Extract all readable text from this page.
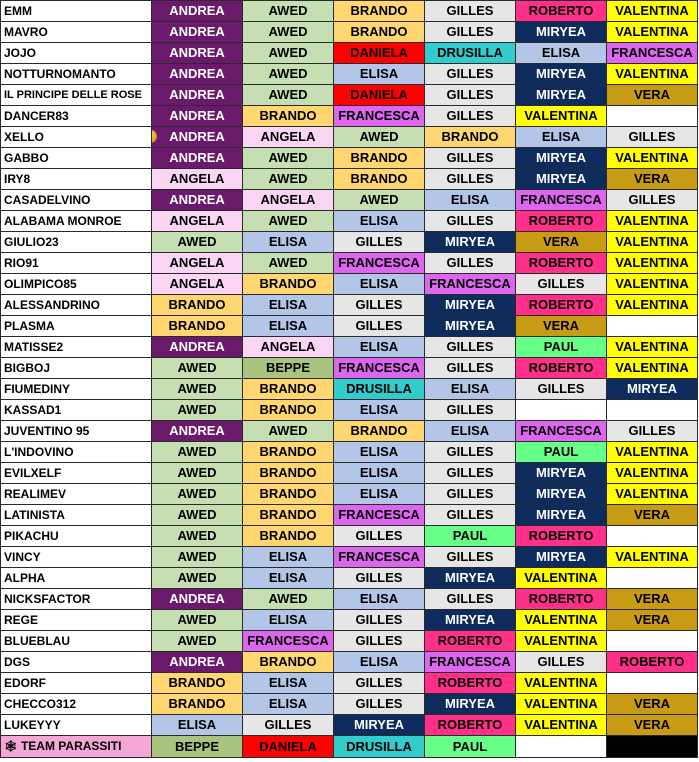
EMM	ANDREA	AWED	BRANDO	GILLES	ROBERTO	VALENTINA
MAVRO	ANDREA	AWED	BRANDO	GILLES	MIRYEA	VALENTINA
JOJO	ANDREA	AWED	DANIELA	DRUSILLA	ELISA	FRANCESCA
NOTTURNOMANTO	ANDREA	AWED	ELISA	GILLES	MIRYEA	VALENTINA
IL PRINCIPE DELLE ROSE	ANDREA	AWED	DANIELA	GILLES	MIRYEA	VERA
DANCER83	ANDREA	BRANDO	FRANCESCA	GILLES	VALENTINA	
XELLO	ANDREA	ANGELA	AWED	BRANDO	ELISA	GILLES
GABBO	ANDREA	AWED	BRANDO	GILLES	MIRYEA	VALENTINA
IRY8	ANGELA	AWED	BRANDO	GILLES	MIRYEA	VERA
CASADELVINO	ANDREA	ANGELA	AWED	ELISA	FRANCESCA	GILLES
ALABAMA MONROE	ANGELA	AWED	ELISA	GILLES	ROBERTO	VALENTINA
GIULIO23	AWED	ELISA	GILLES	MIRYEA	VERA	VALENTINA
RIO91	ANGELA	AWED	FRANCESCA	GILLES	ROBERTO	VALENTINA
OLIMPICO85	ANGELA	BRANDO	ELISA	FRANCESCA	GILLES	VALENTINA
ALESSANDRINO	BRANDO	ELISA	GILLES	MIRYEA	ROBERTO	VALENTINA
PLASMA	BRANDO	ELISA	GILLES	MIRYEA	VERA	
MATISSE2	ANDREA	ANGELA	ELISA	GILLES	PAUL	VALENTINA
BIGBOJ	AWED	BEPPE	FRANCESCA	GILLES	ROBERTO	VALENTINA
FIUMEDINY	AWED	BRANDO	DRUSILLA	ELISA	GILLES	MIRYEA
KASSAD1	AWED	BRANDO	ELISA	GILLES		
JUVENTINO 95	ANDREA	AWED	BRANDO	ELISA	FRANCESCA	GILLES
L'INDOVINO	AWED	BRANDO	ELISA	GILLES	PAUL	VALENTINA
EVILXELF	AWED	BRANDO	ELISA	GILLES	MIRYEA	VALENTINA
REALIMEV	AWED	BRANDO	ELISA	GILLES	MIRYEA	VALENTINA
LATINISTA	AWED	BRANDO	FRANCESCA	GILLES	MIRYEA	VERA
PIKACHU	AWED	BRANDO	GILLES	PAUL	ROBERTO	
VINCY	AWED	ELISA	FRANCESCA	GILLES	MIRYEA	VALENTINA
ALPHA	AWED	ELISA	GILLES	MIRYEA	VALENTINA	
NICKSFACTOR	ANDREA	AWED	ELISA	GILLES	ROBERTO	VERA
REGE	AWED	ELISA	GILLES	MIRYEA	VALENTINA	VERA
BLUEBLAU	AWED	FRANCESCA	GILLES	ROBERTO	VALENTINA	
DGS	ANDREA	BRANDO	ELISA	FRANCESCA	GILLES	ROBERTO
EDORF	BRANDO	ELISA	GILLES	ROBERTO	VALENTINA	
CHECCO312	BRANDO	ELISA	GILLES	MIRYEA	VALENTINA	VERA
LUKEYYY	ELISA	GILLES	MIRYEA	ROBERTO	VALENTINA	VERA
🕸 TEAM PARASSITI	BEPPE	DANIELA	DRUSILLA	PAUL		
